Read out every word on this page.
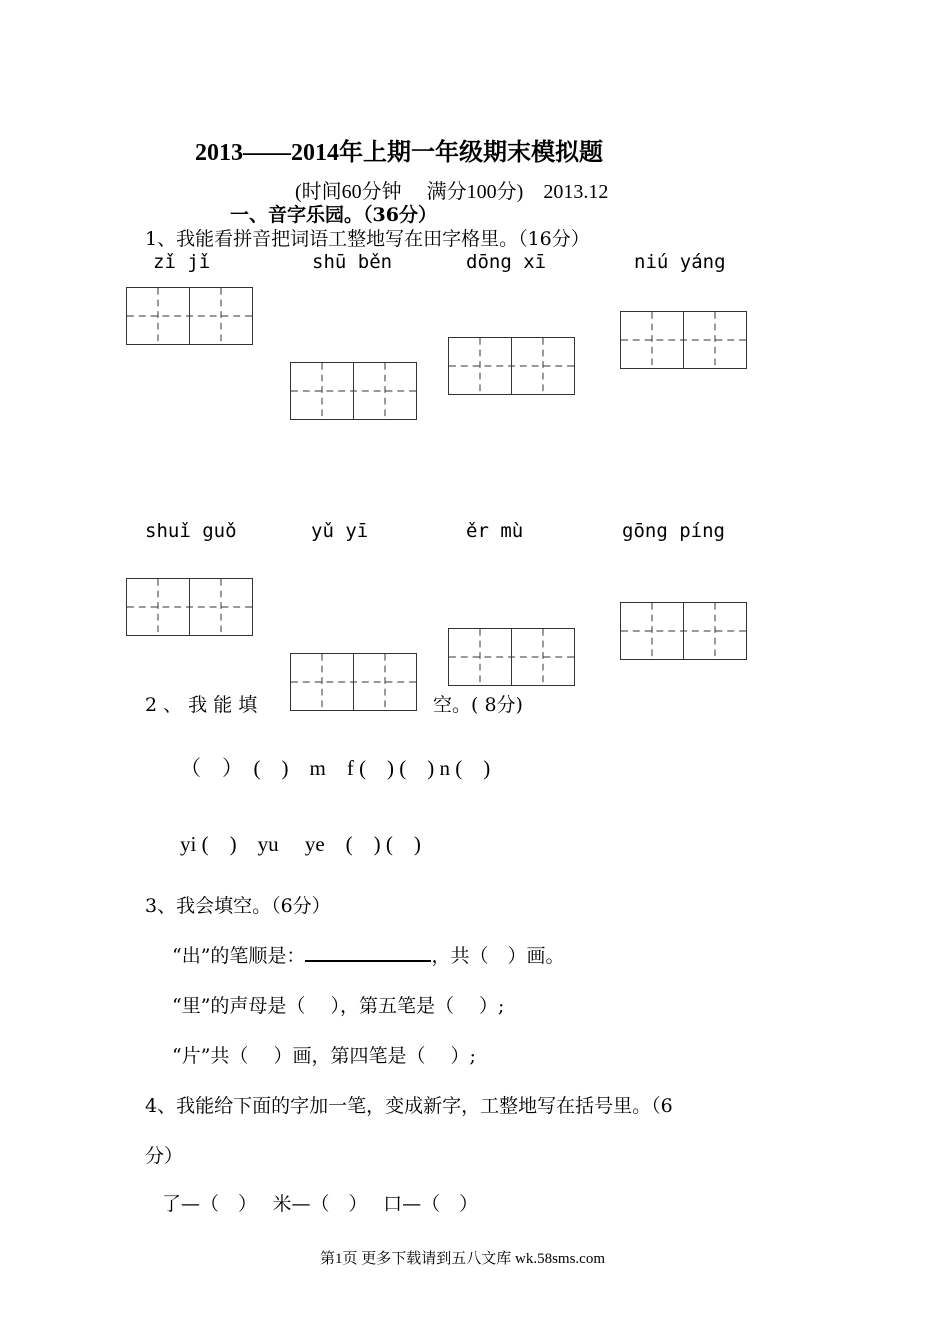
2013——2014年上期一年级期末模拟题
(时间60分钟　 满分100分)　2013.12
一、音字乐园。（36分）
1、我能看拼音把词语工整地写在田字格里。（16分）
zǐ jǐ	shū běn	dōng xī	niú yáng
shuǐ guǒ	yǔ yī	ěr mù	gōng píng
2 、 我 能 填	空。( 8分)
（　）　(　)　m　f (　) (　) n (　)
yi (　)　yu　 ye　(　) (　)
3、我会填空。（6分）
“出”的笔顺是：	，共（　）画。
“里”的声母是（　 ），第五笔是（　 ）;
“片”共（　 ）画，第四笔是（　 ）;
4、我能给下面的字加一笔，变成新字，工整地写在括号里。（6
分）
了—（　）　 米—（　）　 口—（　）
第1页 更多下载请到五八文库 wk.58sms.com
